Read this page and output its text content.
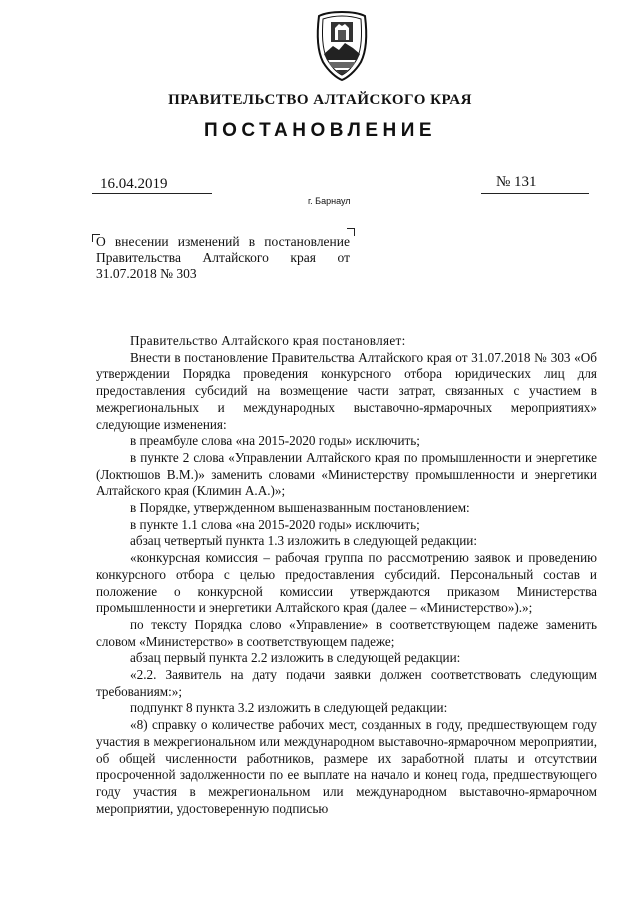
ПРАВИТЕЛЬСТВО АЛТАЙСКОГО КРАЯ
ПОСТАНОВЛЕНИЕ
16.04.2019	№ 131
г. Барнаул
О внесении изменений в постановление Правительства Алтайского края от 31.07.2018 № 303

Правительство Алтайского края постановляет:

Внести в постановление Правительства Алтайского края от 31.07.2018 № 303 «Об утверждении Порядка проведения конкурсного отбора юридических лиц для предоставления субсидий на возмещение части затрат, связанных с участием в межрегиональных и международных выставочно-ярмарочных мероприятиях» следующие изменения:

в преамбуле слова «на 2015-2020 годы» исключить;

в пункте 2 слова «Управлении Алтайского края по промышленности и энергетике (Локтюшов В.М.)» заменить словами «Министерству промышленности и энергетики Алтайского края (Климин А.А.)»;

в Порядке, утвержденном вышеназванным постановлением:

в пункте 1.1 слова «на 2015-2020 годы» исключить;

абзац четвертый пункта 1.3 изложить в следующей редакции:

«конкурсная комиссия – рабочая группа по рассмотрению заявок и проведению конкурсного отбора с целью предоставления субсидий. Персональный состав и положение о конкурсной комиссии утверждаются приказом Министерства промышленности и энергетики Алтайского края (далее – «Министерство»).»;

по тексту Порядка слово «Управление» в соответствующем падеже заменить словом «Министерство» в соответствующем падеже;

абзац первый пункта 2.2 изложить в следующей редакции:

«2.2. Заявитель на дату подачи заявки должен соответствовать следующим требованиям:»;

подпункт 8 пункта 3.2 изложить в следующей редакции:

«8) справку о количестве рабочих мест, созданных в году, предшествующем году участия в межрегиональном или международном выставочно-ярмарочном мероприятии, об общей численности работников, размере их заработной платы и отсутствии просроченной задолженности по ее выплате на начало и конец года, предшествующего году участия в межрегиональном или международном выставочно-ярмарочном мероприятии, удостоверенную подписью
